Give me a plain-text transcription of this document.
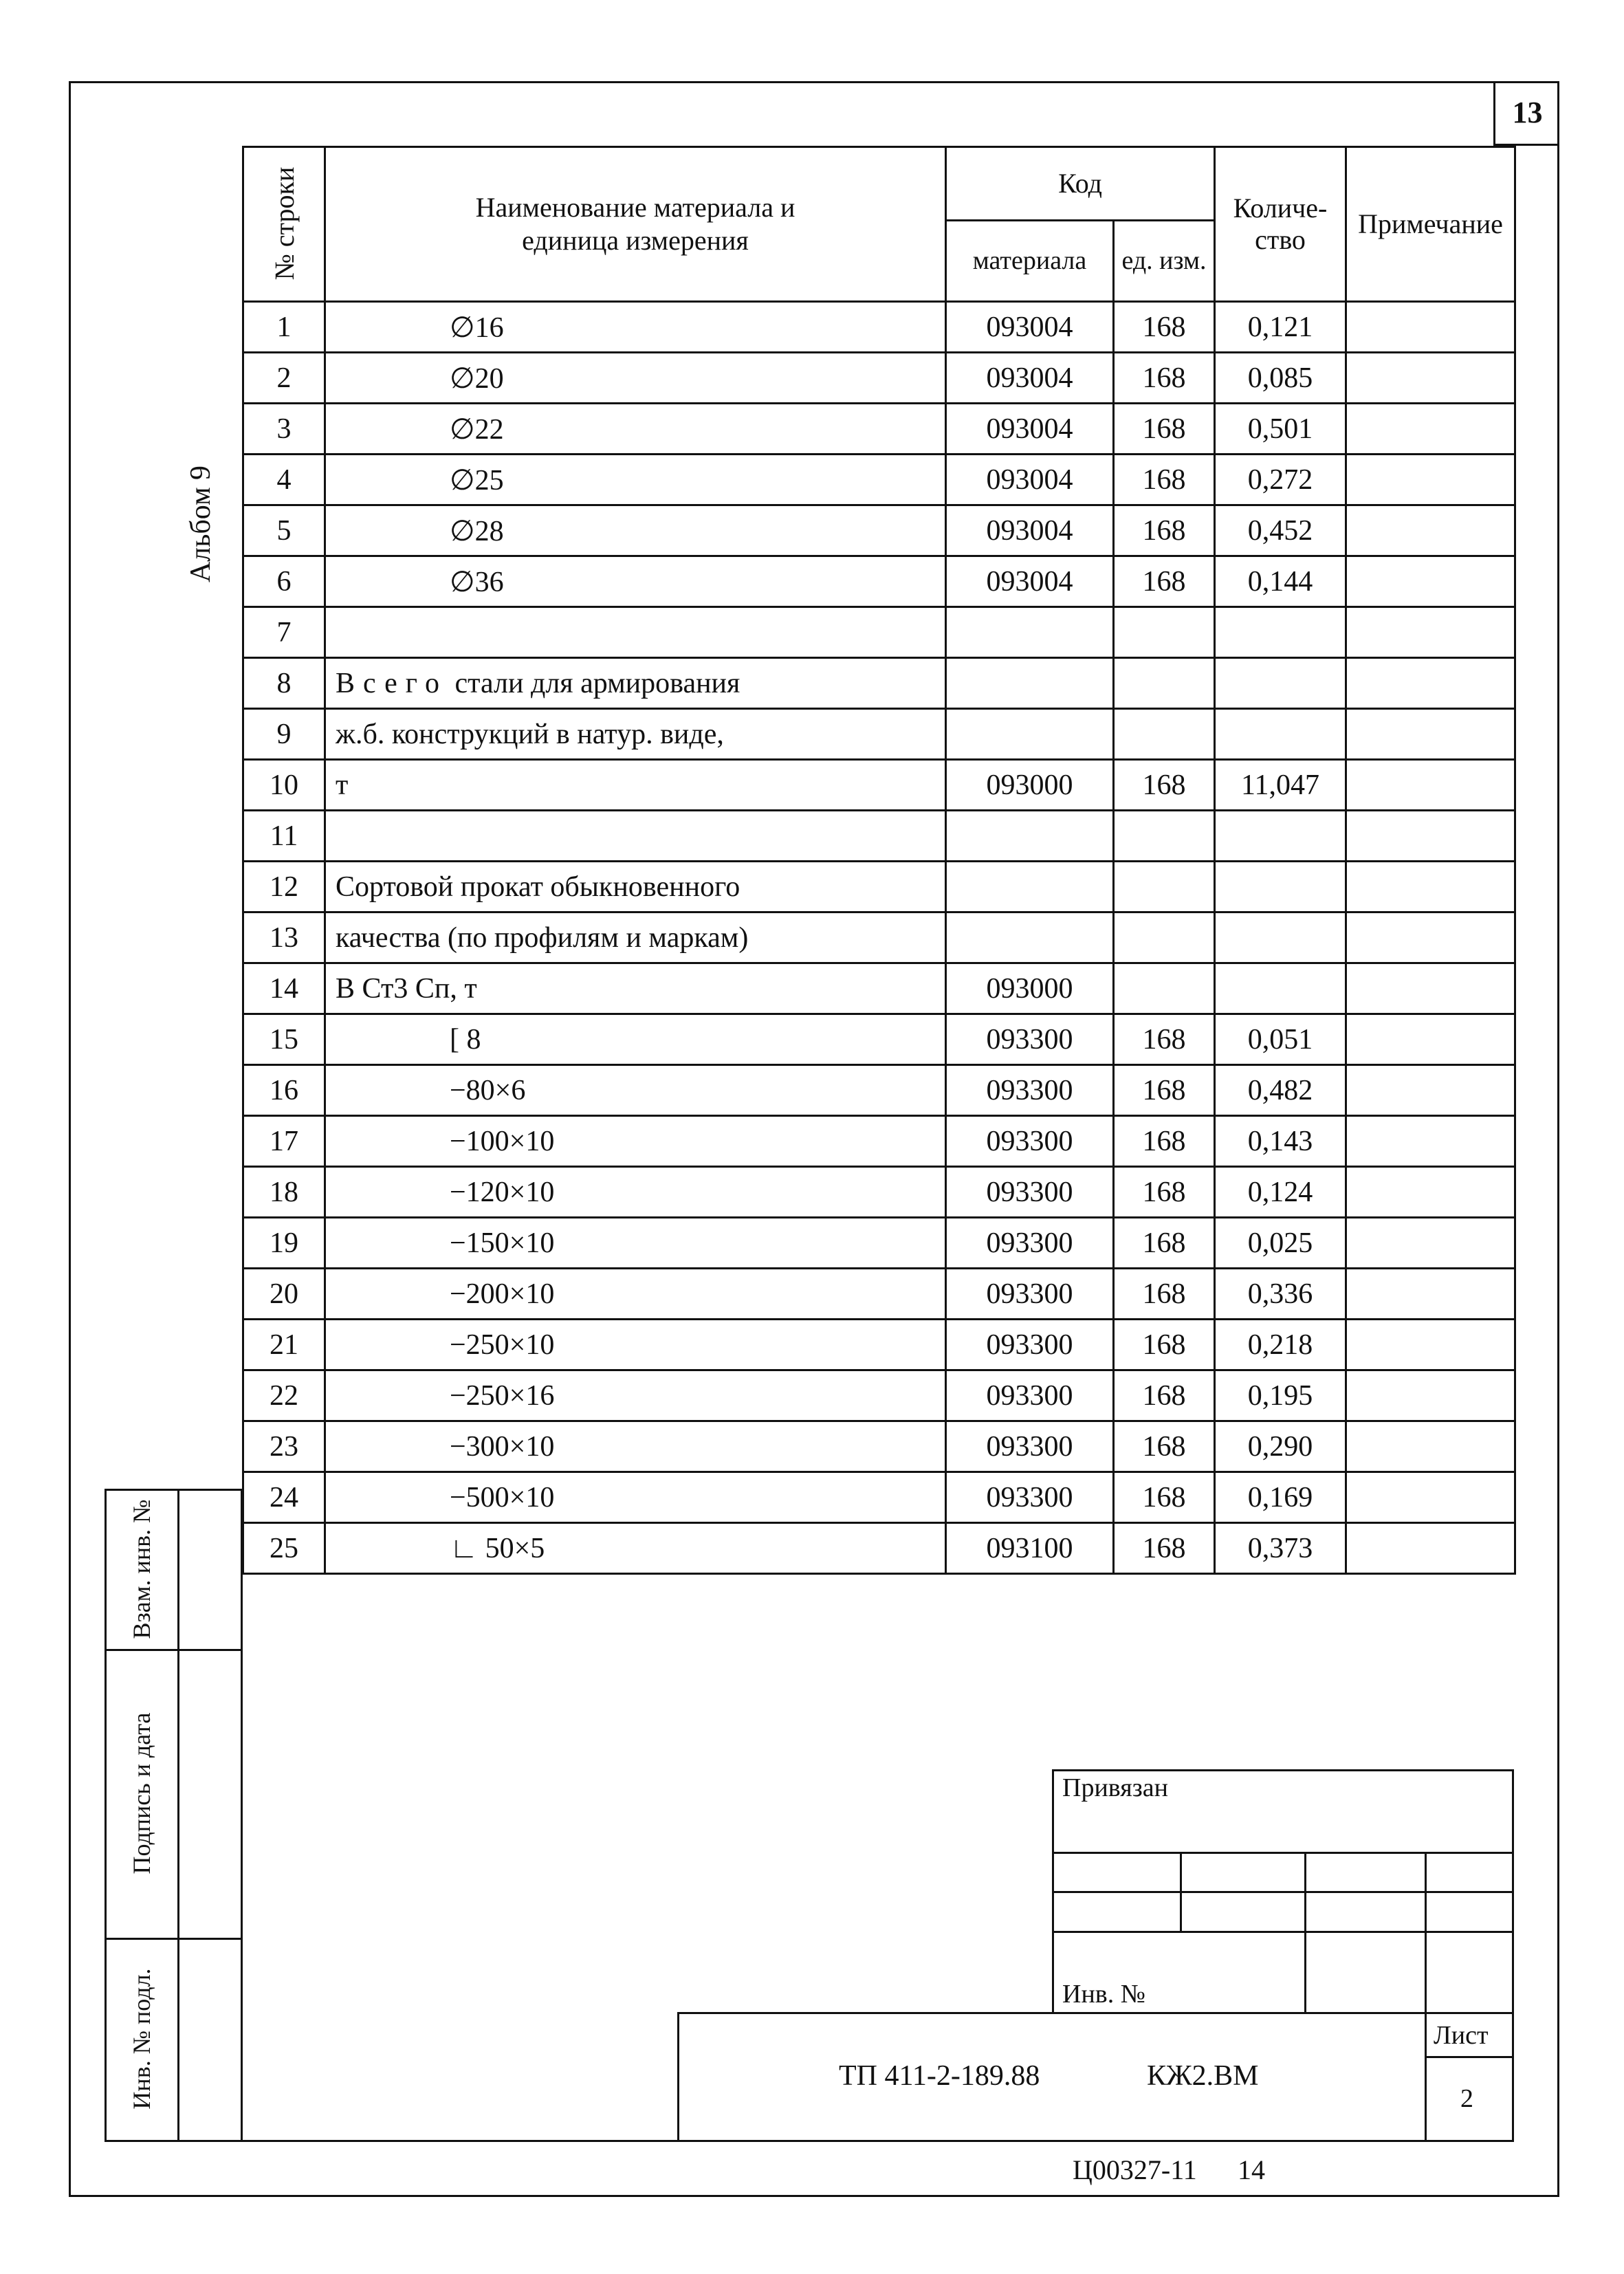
13
Альбом 9
№ строки	Наименование материала и единица измерения	Код		Количе-ство	Примечание
		материала	ед. изм.		
1	∅16	093004	168	0,121	
2	∅20	093004	168	0,085	
3	∅22	093004	168	0,501	
4	∅25	093004	168	0,272	
5	∅28	093004	168	0,452	
6	∅36	093004	168	0,144	
7					
8	Всего стали для армирования				
9	ж.б. конструкций в натур. виде,				
10	т	093000	168	11,047	
11					
12	Сортовой прокат обыкновенного				
13	качества (по профилям и маркам)				
14	В Ст3 Сп, т	093000			
15	[ 8	093300	168	0,051	
16	−80×6	093300	168	0,482	
17	−100×10	093300	168	0,143	
18	−120×10	093300	168	0,124	
19	−150×10	093300	168	0,025	
20	−200×10	093300	168	0,336	
21	−250×10	093300	168	0,218	
22	−250×16	093300	168	0,195	
23	−300×10	093300	168	0,290	
24	−500×10	093300	168	0,169	
25	∟ 50×5	093100	168	0,373	
Взам. инв. №
Подпись и дата
Инв. № подл.
Привязан
Инв. №
ТП 411-2-189.88	КЖ2.ВМ
Лист
2
Ц00327-11 14
